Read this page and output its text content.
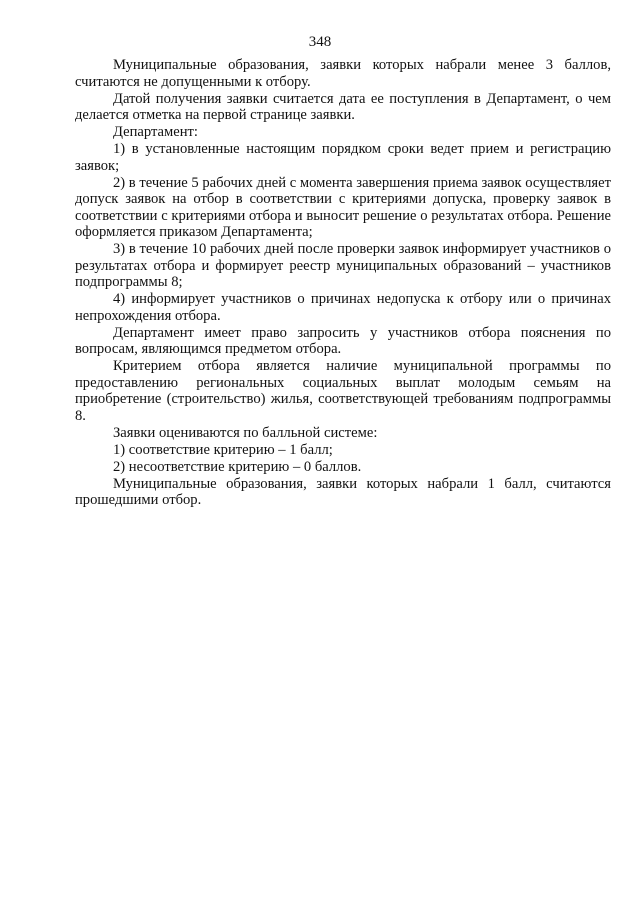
348

Муниципальные образования, заявки которых набрали менее 3 баллов, считаются не допущенными к отбору.

Датой получения заявки считается дата ее поступления в Департамент, о чем делается отметка на первой странице заявки.

Департамент:

1) в установленные настоящим порядком сроки ведет прием и регистрацию заявок;

2) в течение 5 рабочих дней с момента завершения приема заявок осуществляет допуск заявок на отбор в соответствии с критериями допуска, проверку заявок в соответствии с критериями отбора и выносит решение о результатах отбора. Решение оформляется приказом Департамента;

3) в течение 10 рабочих дней после проверки заявок информирует участников о результатах отбора и формирует реестр муниципальных образований – участников подпрограммы 8;

4) информирует участников о причинах недопуска к отбору или о причинах непрохождения отбора.

Департамент имеет право запросить у участников отбора пояснения по вопросам, являющимся предметом отбора.

Критерием отбора является наличие муниципальной программы по предоставлению региональных социальных выплат молодым семьям на приобретение (строительство) жилья, соответствующей требованиям подпрограммы 8.

Заявки оцениваются по балльной системе:

1) соответствие критерию – 1 балл;

2) несоответствие критерию – 0 баллов.

Муниципальные образования, заявки которых набрали 1 балл, считаются прошедшими отбор.
